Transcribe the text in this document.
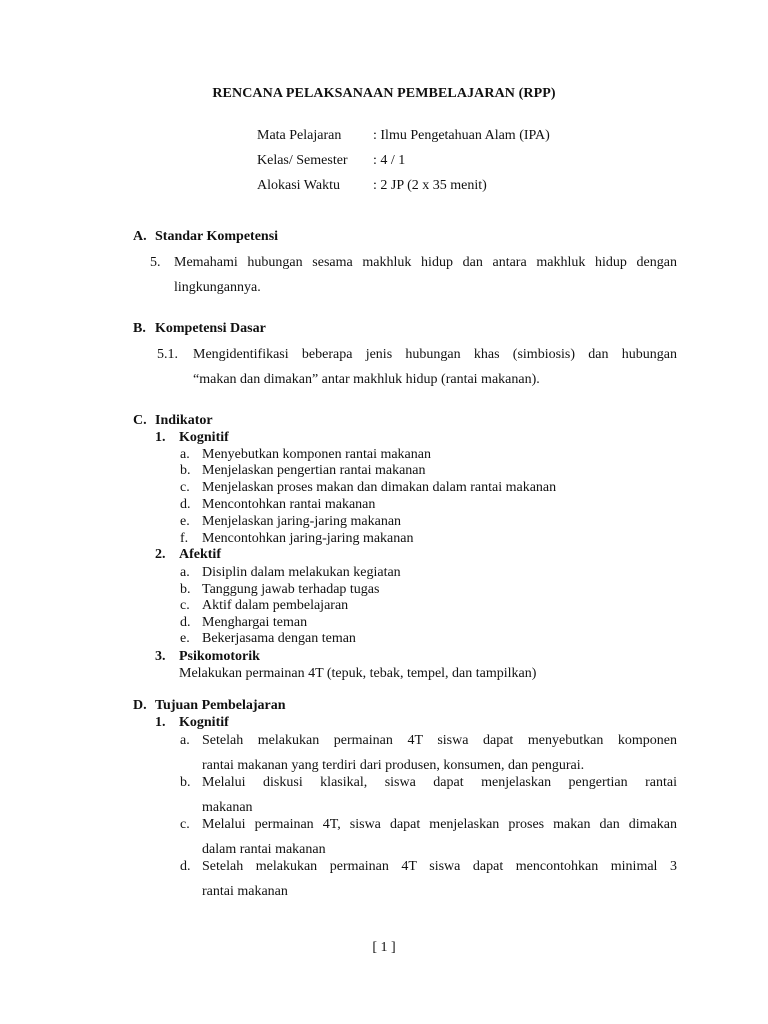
RENCANA PELAKSANAAN PEMBELAJARAN (RPP)
Mata Pelajaran : Ilmu Pengetahuan Alam (IPA)
Kelas/ Semester : 4 / 1
Alokasi Waktu : 2 JP (2 x 35 menit)
A. Standar Kompetensi
5. Memahami hubungan sesama makhluk hidup dan antara makhluk hidup dengan
lingkungannya.
B. Kompetensi Dasar
5.1. Mengidentifikasi beberapa jenis hubungan khas (simbiosis) dan hubungan
“makan dan dimakan” antar makhluk hidup (rantai makanan).
C. Indikator
1. Kognitif
a. Menyebutkan komponen rantai makanan
b. Menjelaskan pengertian rantai makanan
c. Menjelaskan proses makan dan dimakan dalam rantai makanan
d. Mencontohkan rantai makanan
e. Menjelaskan jaring-jaring makanan
f. Mencontohkan jaring-jaring makanan
2. Afektif
a. Disiplin dalam melakukan kegiatan
b. Tanggung jawab terhadap tugas
c. Aktif dalam pembelajaran
d. Menghargai teman
e. Bekerjasama dengan teman
3. Psikomotorik
Melakukan permainan 4T (tepuk, tebak, tempel, dan tampilkan)
D. Tujuan Pembelajaran
1. Kognitif
a. Setelah melakukan permainan 4T siswa dapat menyebutkan komponen
rantai makanan yang terdiri dari produsen, konsumen, dan pengurai.
b. Melalui diskusi klasikal, siswa dapat menjelaskan pengertian rantai
makanan
c. Melalui permainan 4T, siswa dapat menjelaskan proses makan dan dimakan
dalam rantai makanan
d. Setelah melakukan permainan 4T siswa dapat mencontohkan minimal 3
rantai makanan
[ 1 ]
